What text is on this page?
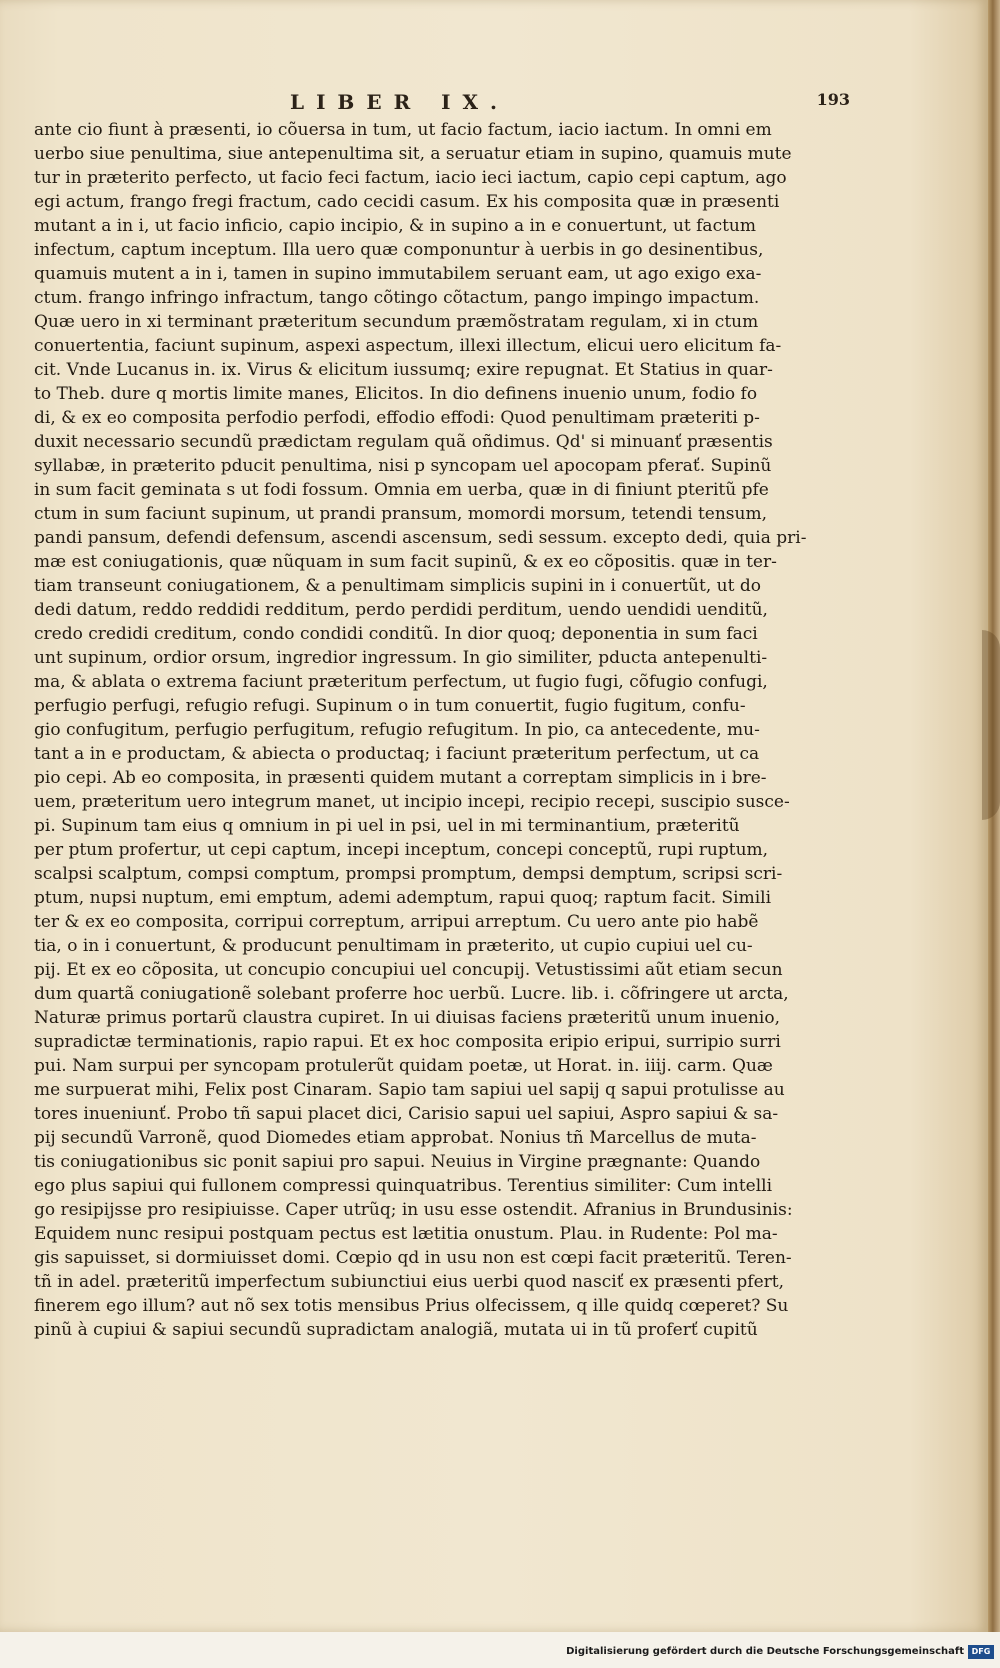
LIBER IX.	193
ante cio fiunt à præsenti, io cõuersa in tum, ut facio factum, iacio iactum. In omni em
uerbo siue penultima, siue antepenultima sit, a seruatur etiam in supino, quamuis mute
tur in præterito perfecto, ut facio feci factum, iacio ieci iactum, capio cepi captum, ago
egi actum, frango fregi fractum, cado cecidi casum. Ex his composita quæ in præsenti
mutant a in i, ut facio inficio, capio incipio, & in supino a in e conuertunt, ut factum
infectum, captum inceptum. Illa uero quæ componuntur à uerbis in go desinentibus,
quamuis mutent a in i, tamen in supino immutabilem seruant eam, ut ago exigo exa-
ctum. frango infringo infractum, tango cõtingo cõtactum, pango impingo impactum.
Quæ uero in xi terminant præteritum secundum præmõstratam regulam, xi in ctum
conuertentia, faciunt supinum, aspexi aspectum, illexi illectum, elicui uero elicitum fa-
cit. Vnde Lucanus in. ix. Virus & elicitum iussumq; exire repugnat. Et Statius in quar-
to Theb. dure q mortis limite manes, Elicitos. In dio definens inuenio unum, fodio fo
di, & ex eo composita perfodio perfodi, effodio effodi: Quod penultimam præteriti p-
duxit necessario secundũ prædictam regulam quã oñdimus. Qd' si minuanť præsentis
syllabæ, in præterito pducit penultima, nisi p syncopam uel apocopam pferať. Supinũ
in sum facit geminata s ut fodi fossum. Omnia em uerba, quæ in di finiunt pteritũ pfe
ctum in sum faciunt supinum, ut prandi pransum, momordi morsum, tetendi tensum,
pandi pansum, defendi defensum, ascendi ascensum, sedi sessum. excepto dedi, quia pri-
mæ est coniugationis, quæ nũquam in sum facit supinũ, & ex eo cõpositis. quæ in ter-
tiam transeunt coniugationem, & a penultimam simplicis supini in i conuertũt, ut do
dedi datum, reddo reddidi redditum, perdo perdidi perditum, uendo uendidi uenditũ,
credo credidi creditum, condo condidi conditũ. In dior quoq; deponentia in sum faci
unt supinum, ordior orsum, ingredior ingressum. In gio similiter, pducta antepenulti-
ma, & ablata o extrema faciunt præteritum perfectum, ut fugio fugi, cõfugio confugi,
perfugio perfugi, refugio refugi. Supinum o in tum conuertit, fugio fugitum, confu-
gio confugitum, perfugio perfugitum, refugio refugitum. In pio, ca antecedente, mu-
tant a in e productam, & abiecta o productaq; i faciunt præteritum perfectum, ut ca
pio cepi. Ab eo composita, in præsenti quidem mutant a correptam simplicis in i bre-
uem, præteritum uero integrum manet, ut incipio incepi, recipio recepi, suscipio susce-
pi. Supinum tam eius q omnium in pi uel in psi, uel in mi terminantium, præteritũ
per ptum profertur, ut cepi captum, incepi inceptum, concepi conceptũ, rupi ruptum,
scalpsi scalptum, compsi comptum, prompsi promptum, dempsi demptum, scripsi scri-
ptum, nupsi nuptum, emi emptum, ademi ademptum, rapui quoq; raptum facit. Simili
ter & ex eo composita, corripui correptum, arripui arreptum. Cu uero ante pio habẽ
tia, o in i conuertunt, & producunt penultimam in præterito, ut cupio cupiui uel cu-
pij. Et ex eo cõposita, ut concupio concupiui uel concupij. Vetustissimi aũt etiam secun
dum quartã coniugationẽ solebant proferre hoc uerbũ. Lucre. lib. i. cõfringere ut arcta,
Naturæ primus portarũ claustra cupiret. In ui diuisas faciens præteritũ unum inuenio,
supradictæ terminationis, rapio rapui. Et ex hoc composita eripio eripui, surripio surri
pui. Nam surpui per syncopam protulerũt quidam poetæ, ut Horat. in. iiij. carm. Quæ
me surpuerat mihi, Felix post Cinaram. Sapio tam sapiui uel sapij q sapui protulisse au
tores inueniunť. Probo tñ sapui placet dici, Carisio sapui uel sapiui, Aspro sapiui & sa-
pij secundũ Varronẽ, quod Diomedes etiam approbat. Nonius tñ Marcellus de muta-
tis coniugationibus sic ponit sapiui pro sapui. Neuius in Virgine prægnante: Quando
ego plus sapiui qui fullonem compressi quinquatribus. Terentius similiter: Cum intelli
go resipijsse pro resipiuisse. Caper utrũq; in usu esse ostendit. Afranius in Brundusinis:
Equidem nunc resipui postquam pectus est lætitia onustum. Plau. in Rudente: Pol ma-
gis sapuisset, si dormiuisset domi. Cœpio qd in usu non est cœpi facit præteritũ. Teren-
tñ in adel. præteritũ imperfectum subiunctiui eius uerbi quod nasciť ex præsenti pfert,
finerem ego illum? aut nõ sex totis mensibus Prius olfecissem, q ille quidq cœperet? Su
pinũ à cupiui & sapiui secundũ supradictam analogiã, mutata ui in tũ proferť cupitũ
Digitalisierung gefördert durch die Deutsche Forschungsgemeinschaft DFG
